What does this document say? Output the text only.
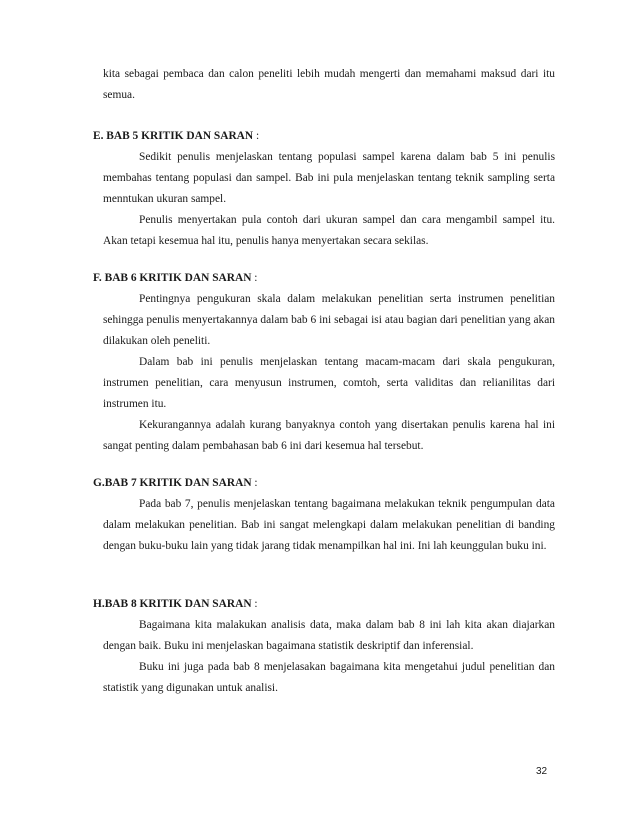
kita sebagai pembaca dan calon peneliti lebih mudah mengerti dan memahami maksud dari itu semua.

E. BAB 5 KRITIK DAN SARAN :

Sedikit penulis menjelaskan tentang populasi sampel karena dalam bab 5 ini penulis membahas tentang populasi dan sampel. Bab ini pula menjelaskan tentang teknik sampling serta menntukan ukuran sampel.

Penulis menyertakan pula contoh dari ukuran sampel dan cara mengambil sampel itu. Akan tetapi kesemua hal itu, penulis hanya menyertakan secara sekilas.

F. BAB 6 KRITIK DAN SARAN :

Pentingnya pengukuran skala dalam melakukan penelitian serta instrumen penelitian sehingga penulis menyertakannya dalam bab 6 ini sebagai isi atau bagian dari penelitian yang akan dilakukan oleh peneliti.

Dalam bab ini penulis menjelaskan tentang macam-macam dari skala pengukuran, instrumen penelitian, cara menyusun instrumen, comtoh, serta validitas dan relianilitas dari instrumen itu.

Kekurangannya adalah kurang banyaknya contoh yang disertakan penulis karena hal ini sangat penting dalam pembahasan bab 6 ini dari kesemua hal tersebut.

G.BAB 7 KRITIK DAN SARAN :

Pada bab 7, penulis menjelaskan tentang bagaimana melakukan teknik pengumpulan data dalam melakukan penelitian. Bab ini sangat melengkapi dalam melakukan penelitian di banding dengan buku-buku lain yang tidak jarang tidak menampilkan hal ini. Ini lah keunggulan buku ini.

H.BAB 8 KRITIK DAN SARAN :

Bagaimana kita malakukan analisis data, maka dalam bab 8 ini lah kita akan diajarkan dengan baik. Buku ini menjelaskan bagaimana statistik deskriptif dan inferensial.

Buku ini juga pada bab 8 menjelasakan bagaimana kita mengetahui judul penelitian dan statistik yang digunakan untuk analisi.

32
